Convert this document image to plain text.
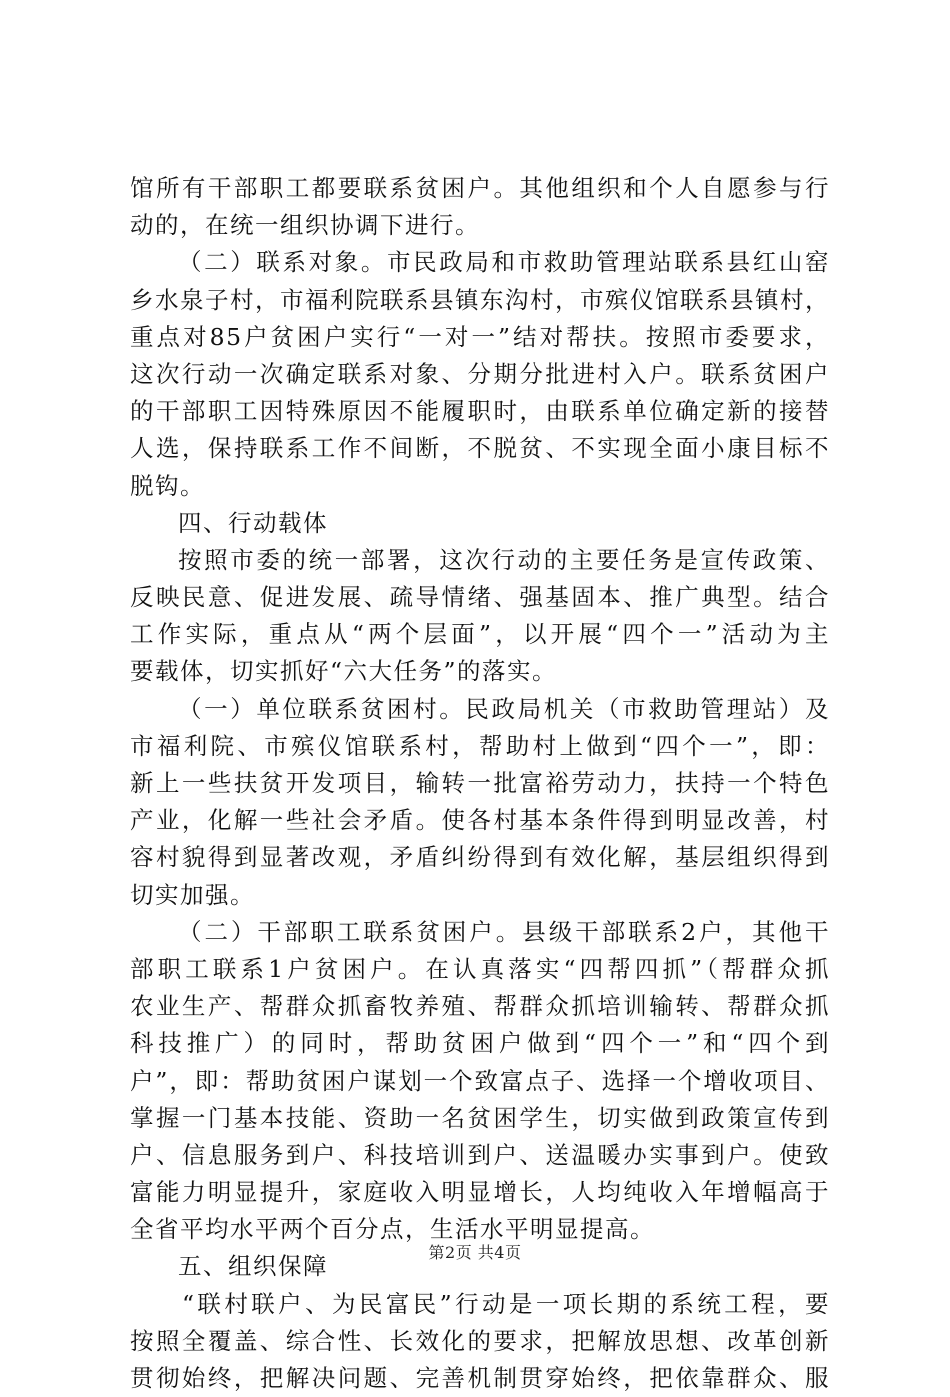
馆所有干部职工都要联系贫困户。其他组织和个人自愿参与行
动的，在统一组织协调下进行。
（二）联系对象。市民政局和市救助管理站联系县红山窑
乡水泉子村，市福利院联系县镇东沟村，市殡仪馆联系县镇村，
重点对85户贫困户实行“一对一”结对帮扶。按照市委要求，
这次行动一次确定联系对象、分期分批进村入户。联系贫困户
的干部职工因特殊原因不能履职时，由联系单位确定新的接替
人选，保持联系工作不间断，不脱贫、不实现全面小康目标不
脱钩。
四、行动载体
按照市委的统一部署，这次行动的主要任务是宣传政策、
反映民意、促进发展、疏导情绪、强基固本、推广典型。结合
工作实际，重点从“两个层面”，以开展“四个一”活动为主
要载体，切实抓好“六大任务”的落实。
（一）单位联系贫困村。民政局机关（市救助管理站）及
市福利院、市殡仪馆联系村，帮助村上做到“四个一”，即：
新上一些扶贫开发项目，输转一批富裕劳动力，扶持一个特色
产业，化解一些社会矛盾。使各村基本条件得到明显改善，村
容村貌得到显著改观，矛盾纠纷得到有效化解，基层组织得到
切实加强。
（二）干部职工联系贫困户。县级干部联系2户，其他干
部职工联系1户贫困户。在认真落实“四帮四抓”（帮群众抓
农业生产、帮群众抓畜牧养殖、帮群众抓培训输转、帮群众抓
科技推广）的同时，帮助贫困户做到“四个一”和“四个到
户”，即：帮助贫困户谋划一个致富点子、选择一个增收项目、
掌握一门基本技能、资助一名贫困学生，切实做到政策宣传到
户、信息服务到户、科技培训到户、送温暖办实事到户。使致
富能力明显提升，家庭收入明显增长，人均纯收入年增幅高于
全省平均水平两个百分点，生活水平明显提高。
五、组织保障
“联村联户、为民富民”行动是一项长期的系统工程，要
按照全覆盖、综合性、长效化的要求，把解放思想、改革创新
贯彻始终，把解决问题、完善机制贯穿始终，把依靠群众、服
第2页 共4页
